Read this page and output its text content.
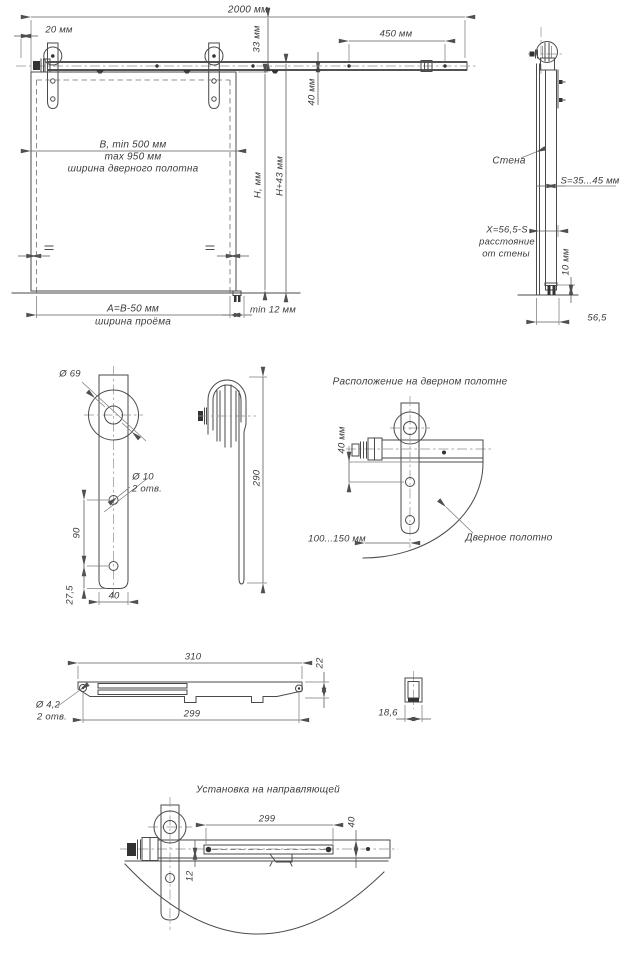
2000 мм
20 мм	33 мм	450 мм
40 мм
B, min 500 мм
max 950 мм
ширина дверного полотна
H, мм H+43 мм
A=B-50 мм
ширина проёма
min 12 мм
Стена
S=35...45 мм
X=56,5-S
расстояние
от стены	10 мм
56,5
Ø 69
Ø 10
2 отв.
90
27,5	40
290
Расположение на дверном полотне
40 мм
100...150 мм	Дверное полотно
310
22
Ø 4,2
2 отв.	299	18,6
Установка на направляющей
299	40
12
